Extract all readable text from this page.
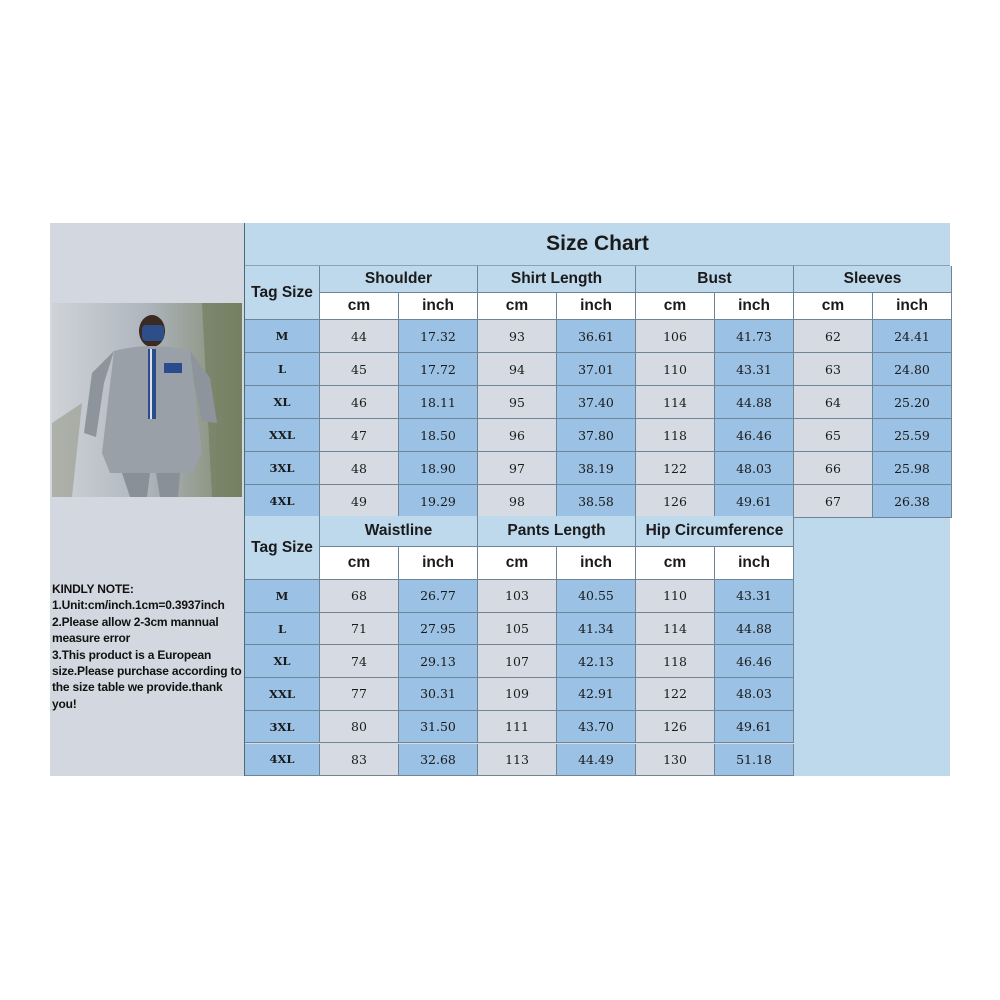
KINDLY NOTE:
1.Unit:cm/inch.1cm=0.3937inch
2.Please allow 2-3cm mannual measure error
3.This product is a European size.Please purchase according to the size table we provide.thank you!
Size Chart
Tag Size
Shoulder
cm	inch
Shirt Length
cm	inch
Bust
cm	inch
Sleeves
cm	inch
M	44	17.32	93	36.61	106	41.73	62	24.41
L	45	17.72	94	37.01	110	43.31	63	24.80
XL	46	18.11	95	37.40	114	44.88	64	25.20
XXL	47	18.50	96	37.80	118	46.46	65	25.59
3XL	48	18.90	97	38.19	122	48.03	66	25.98
4XL	49	19.29	98	38.58	126	49.61	67	26.38
Tag Size
Waistline
cm	inch
Pants Length
cm	inch
Hip Circumference
cm	inch
M	68	26.77	103	40.55	110	43.31
L	71	27.95	105	41.34	114	44.88
XL	74	29.13	107	42.13	118	46.46
XXL	77	30.31	109	42.91	122	48.03
3XL	80	31.50	111	43.70	126	49.61
4XL	83	32.68	113	44.49	130	51.18
